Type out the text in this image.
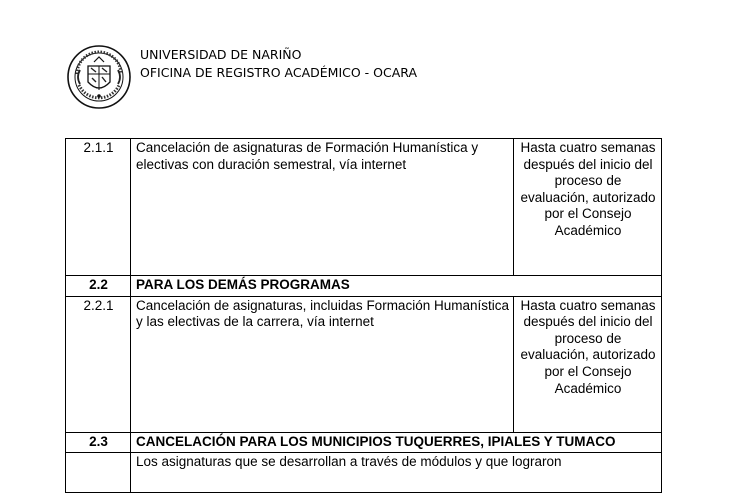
UNIVERSIDAD DE NARIÑO
OFICINA DE REGISTRO ACADÉMICO - OCARA
2.1.1	Cancelación de asignaturas de Formación Humanística y electivas con duración semestral, vía internet	Hasta cuatro semanas después del inicio del proceso de evaluación, autorizado por el Consejo Académico
2.2	PARA LOS DEMÁS PROGRAMAS	
2.2.1	Cancelación de asignaturas, incluidas Formación Humanística y las electivas de la carrera, vía internet	Hasta cuatro semanas después del inicio del proceso de evaluación, autorizado por el Consejo Académico
2.3	CANCELACIÓN PARA LOS MUNICIPIOS TUQUERRES, IPIALES Y TUMACO	
	Los asignaturas que se desarrollan a través de módulos y que lograron	
